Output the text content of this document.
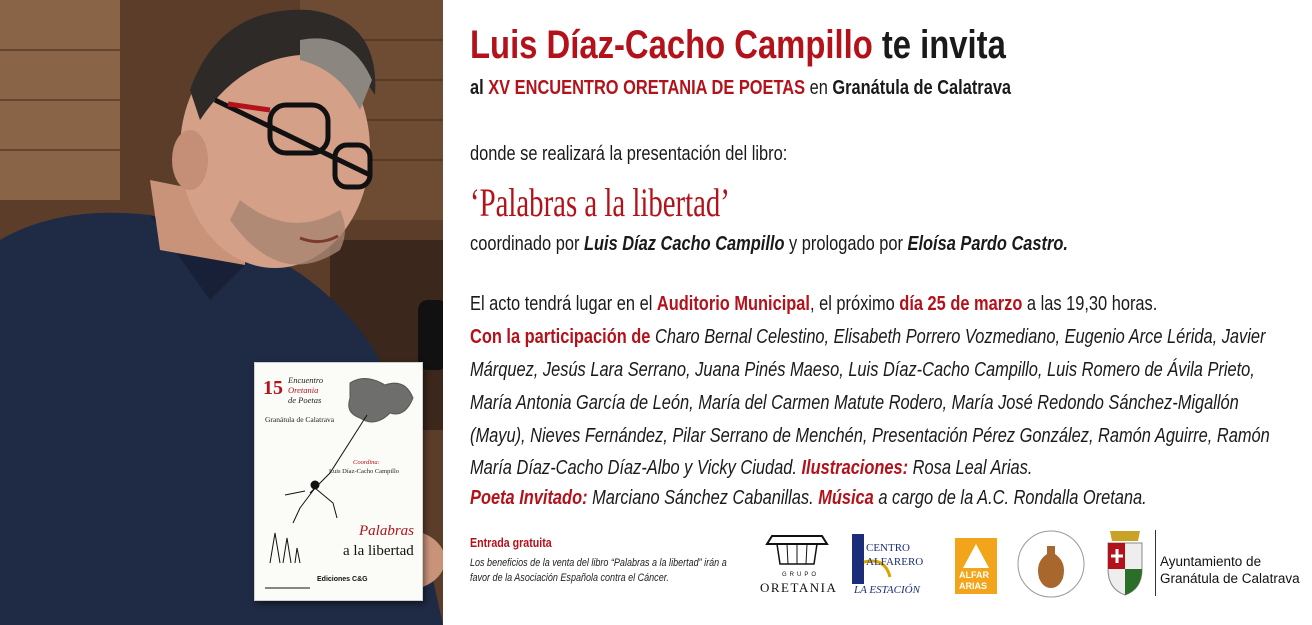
15 Encuentro
Oretania
de Poetas
Granátula de Calatrava
Coordina:
Luis Díaz-Cacho Campillo
Palabras
a la libertad
Ediciones C&G
Luis Díaz-Cacho Campillo te invita
al XV ENCUENTRO ORETANIA DE POETAS en Granátula de Calatrava
donde se realizará la presentación del libro:
‘Palabras a la libertad’
coordinado por Luis Díaz Cacho Campillo y prologado por Eloísa Pardo Castro.
El acto tendrá lugar en el Auditorio Municipal, el próximo día 25 de marzo a las 19,30 horas.
Con la participación de Charo Bernal Celestino, Elisabeth Porrero Vozmediano, Eugenio Arce Lérida, Javier
Márquez, Jesús Lara Serrano, Juana Pinés Maeso, Luis Díaz-Cacho Campillo, Luis Romero de Ávila Prieto,
María Antonia García de León, María del Carmen Matute Rodero, María José Redondo Sánchez-Migallón
(Mayu), Nieves Fernández, Pilar Serrano de Menchén, Presentación Pérez González, Ramón Aguirre, Ramón
María Díaz-Cacho Díaz-Albo y Vicky Ciudad. Ilustraciones: Rosa Leal Arias.
Poeta Invitado: Marciano Sánchez Cabanillas. Música a cargo de la A.C. Rondalla Oretana.
Entrada gratuita
Los beneficios de la venta del libro “Palabras a la libertad” irán a
favor de la Asociación Española contra el Cáncer.	GRUPO
ORETANIA
CENTRO
ALFARERO
LA ESTACIÓN
ALFAR
ARIAS
Ayuntamiento de
Granátula de Calatrava
